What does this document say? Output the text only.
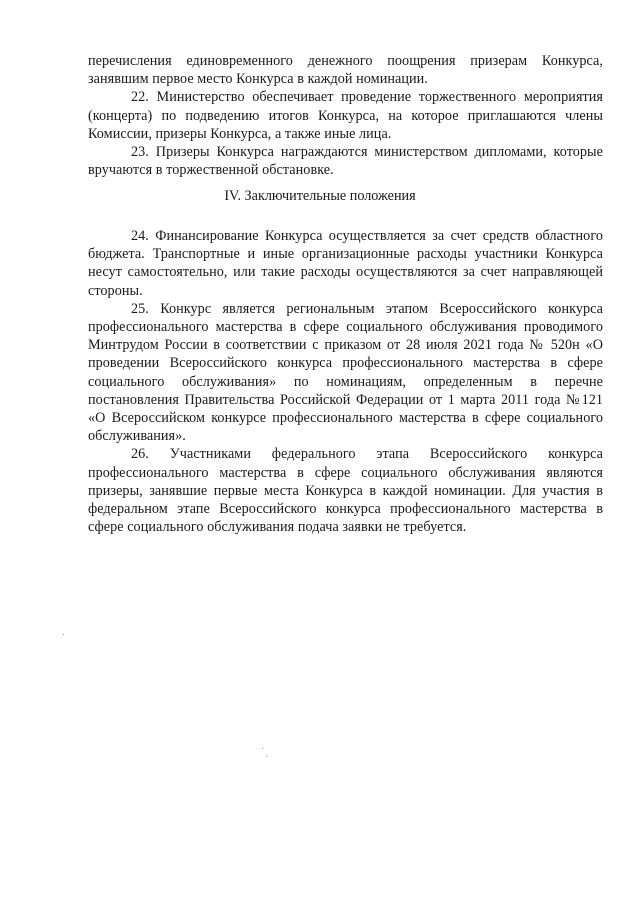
перечисления единовременного денежного поощрения призерам Конкурса, занявшим первое место Конкурса в каждой номинации.

22. Министерство обеспечивает проведение торжественного мероприятия (концерта) по подведению итогов Конкурса, на которое приглашаются члены Комиссии, призеры Конкурса, а также иные лица.

23. Призеры Конкурса награждаются министерством дипломами, которые вручаются в торжественной обстановке.

IV. Заключительные положения

24. Финансирование Конкурса осуществляется за счет средств областного бюджета. Транспортные и иные организационные расходы участники Конкурса несут самостоятельно, или такие расходы осуществляются за счет направляющей стороны.

25. Конкурс является региональным этапом Всероссийского конкурса профессионального мастерства в сфере социального обслуживания проводимого Минтрудом России в соответствии с приказом от 28 июля 2021 года № 520н «О проведении Всероссийского конкурса профессионального мастерства в сфере социального обслуживания» по номинациям, определенным в перечне постановления Правительства Российской Федерации от 1 марта 2011 года №121 «О Всероссийском конкурсе профессионального мастерства в сфере социального обслуживания».

26. Участниками федерального этапа Всероссийского конкурса профессионального мастерства в сфере социального обслуживания являются призеры, занявшие первые места Конкурса в каждой номинации. Для участия в федеральном этапе Всероссийского конкурса профессионального мастерства в сфере социального обслуживания подача заявки не требуется.
